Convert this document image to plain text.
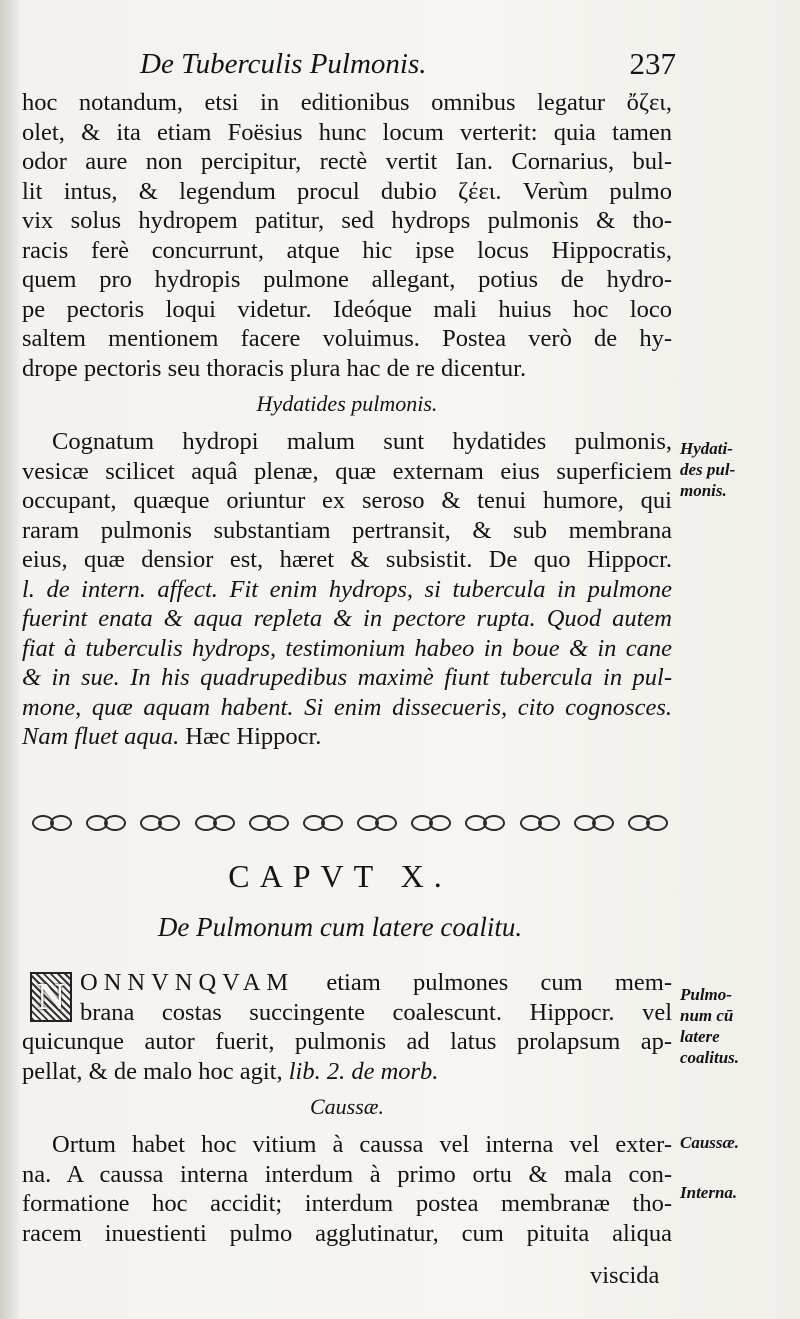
De Tuberculis Pulmonis.	237
hoc notandum, etsi in editionibus omnibus legatur ὄζει,
olet, & ita etiam Foësius hunc locum verterit: quia tamen
odor aure non percipitur, rectè vertit Ian. Cornarius, bul-
lit intus, & legendum procul dubio ζέει. Verùm pulmo
vix solus hydropem patitur, sed hydrops pulmonis & tho-
racis ferè concurrunt, atque hic ipse locus Hippocratis,
quem pro hydropis pulmone allegant, potius de hydro-
pe pectoris loqui videtur. Ideóque mali huius hoc loco
saltem mentionem facere voluimus. Postea verò de hy-
drope pectoris seu thoracis plura hac de re dicentur.
Hydatides pulmonis.
Cognatum hydropi malum sunt hydatides pulmonis,
vesicæ scilicet aquâ plenæ, quæ externam eius superficiem
occupant, quæque oriuntur ex seroso & tenui humore, qui
raram pulmonis substantiam pertransit, & sub membrana
eius, quæ densior est, hæret & subsistit. De quo Hippocr.
l. de intern. affect. Fit enim hydrops, si tubercula in pulmone
fuerint enata & aqua repleta & in pectore rupta. Quod autem
fiat à tuberculis hydrops, testimonium habeo in boue & in cane
& in sue. In his quadrupedibus maximè fiunt tubercula in pul-
mone, quæ aquam habent. Si enim dissecueris, cito cognosces.
Nam fluet aqua. Hæc Hippocr.
CAPVT X.
De Pulmonum cum latere coalitu.
N ONNVNQVAM etiam pulmones cum mem-
brana costas succingente coalescunt. Hippocr. vel
quicunque autor fuerit, pulmonis ad latus prolapsum ap-
pellat, & de malo hoc agit, lib. 2. de morb.
Caussæ.
Ortum habet hoc vitium à caussa vel interna vel exter-
na. A caussa interna interdum à primo ortu & mala con-
formatione hoc accidit; interdum postea membranæ tho-
racem inuestienti pulmo agglutinatur, cum pituita aliqua
viscida
Hydati-
des pul-
monis.
Pulmo-
num cū
latere
coalitus.
Caussæ.
Interna.
